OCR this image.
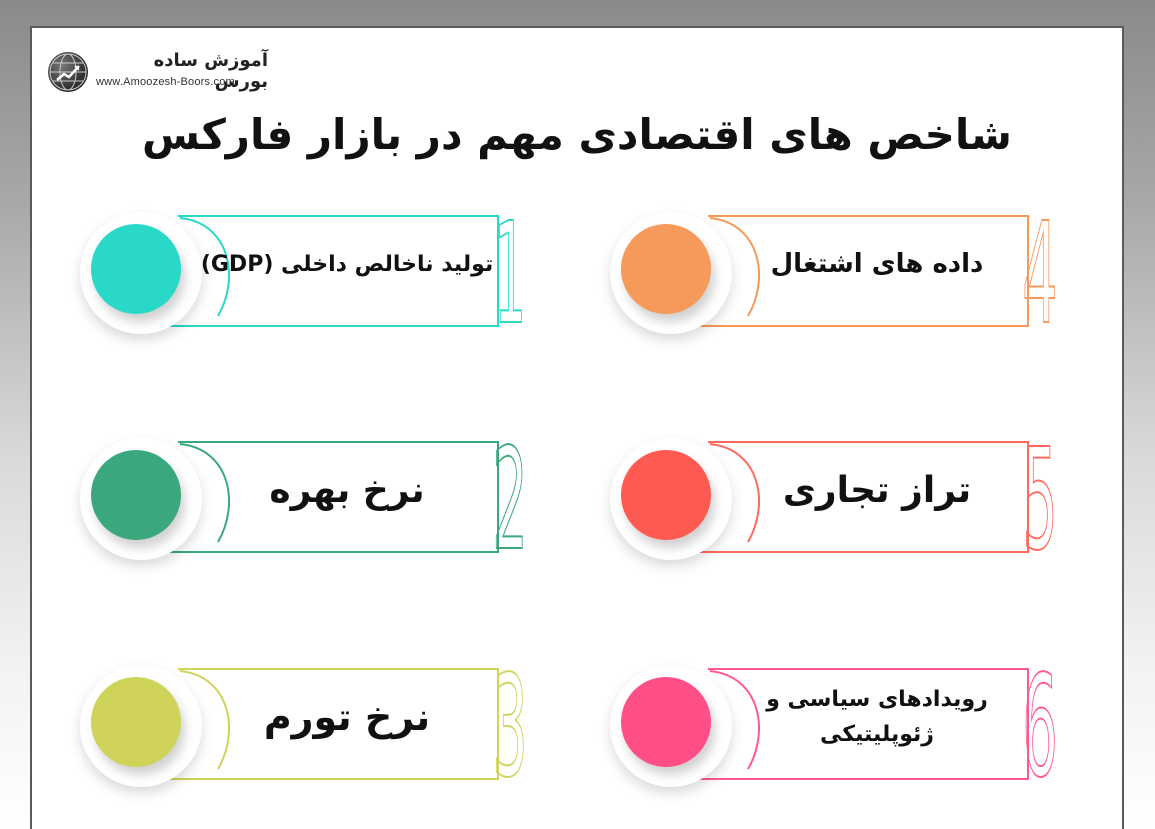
آموزش ساده بورس
www.Amoozesh-Boors.com
شاخص های اقتصادی مهم در بازار فارکس
تولید ناخالص داخلی (GDP) 1
نرخ بهره 2
نرخ تورم 3
داده های اشتغال 4
تراز تجاری 5
رویدادهای سیاسی و ژئوپلیتیکی 6
